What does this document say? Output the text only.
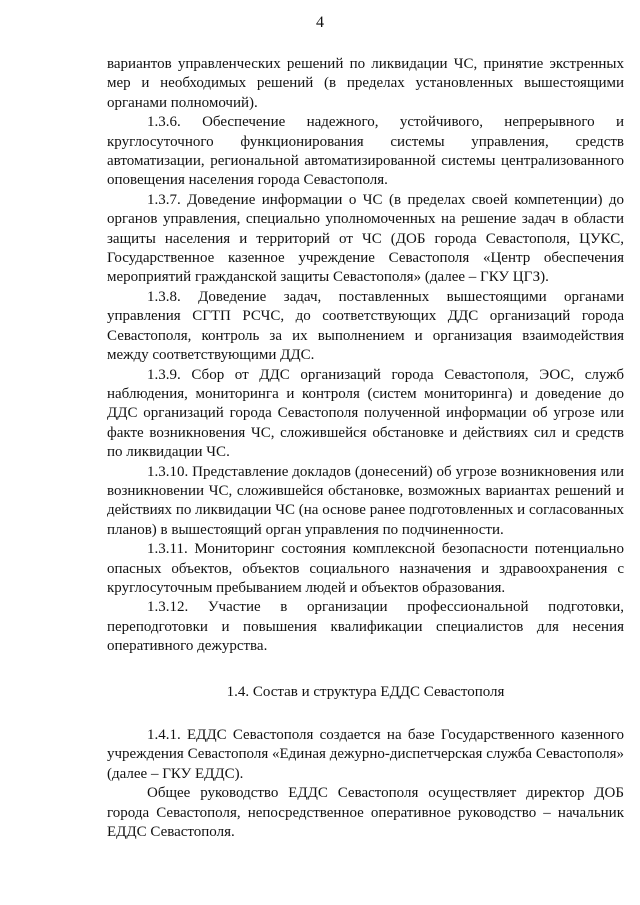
4

вариантов управленческих решений по ликвидации ЧС, принятие экстренных мер и необходимых решений (в пределах установленных вышестоящими органами полномочий).

1.3.6. Обеспечение надежного, устойчивого, непрерывного и круглосуточного функционирования системы управления, средств автоматизации, региональной автоматизированной системы централизованного оповещения населения города Севастополя.

1.3.7. Доведение информации о ЧС (в пределах своей компетенции) до органов управления, специально уполномоченных на решение задач в области защиты населения и территорий от ЧС (ДОБ города Севастополя, ЦУКС, Государственное казенное учреждение Севастополя «Центр обеспечения мероприятий гражданской защиты Севастополя» (далее – ГКУ ЦГЗ).

1.3.8. Доведение задач, поставленных вышестоящими органами управления СГТП РСЧС, до соответствующих ДДС организаций города Севастополя, контроль за их выполнением и организация взаимодействия между соответствующими ДДС.

1.3.9. Сбор от ДДС организаций города Севастополя, ЭОС, служб наблюдения, мониторинга и контроля (систем мониторинга) и доведение до ДДС организаций города Севастополя полученной информации об угрозе или факте возникновения ЧС, сложившейся обстановке и действиях сил и средств по ликвидации ЧС.

1.3.10. Представление докладов (донесений) об угрозе возникновения или возникновении ЧС, сложившейся обстановке, возможных вариантах решений и действиях по ликвидации ЧС (на основе ранее подготовленных и согласованных планов) в вышестоящий орган управления по подчиненности.

1.3.11. Мониторинг состояния комплексной безопасности потенциально опасных объектов, объектов социального назначения и здравоохранения с круглосуточным пребыванием людей и объектов образования.

1.3.12. Участие в организации профессиональной подготовки, переподготовки и повышения квалификации специалистов для несения оперативного дежурства.

1.4. Состав и структура ЕДДС Севастополя

1.4.1. ЕДДС Севастополя создается на базе Государственного казенного учреждения Севастополя «Единая дежурно-диспетчерская служба Севастополя» (далее – ГКУ ЕДДС).

Общее руководство ЕДДС Севастополя осуществляет директор ДОБ города Севастополя, непосредственное оперативное руководство – начальник ЕДДС Севастополя.
